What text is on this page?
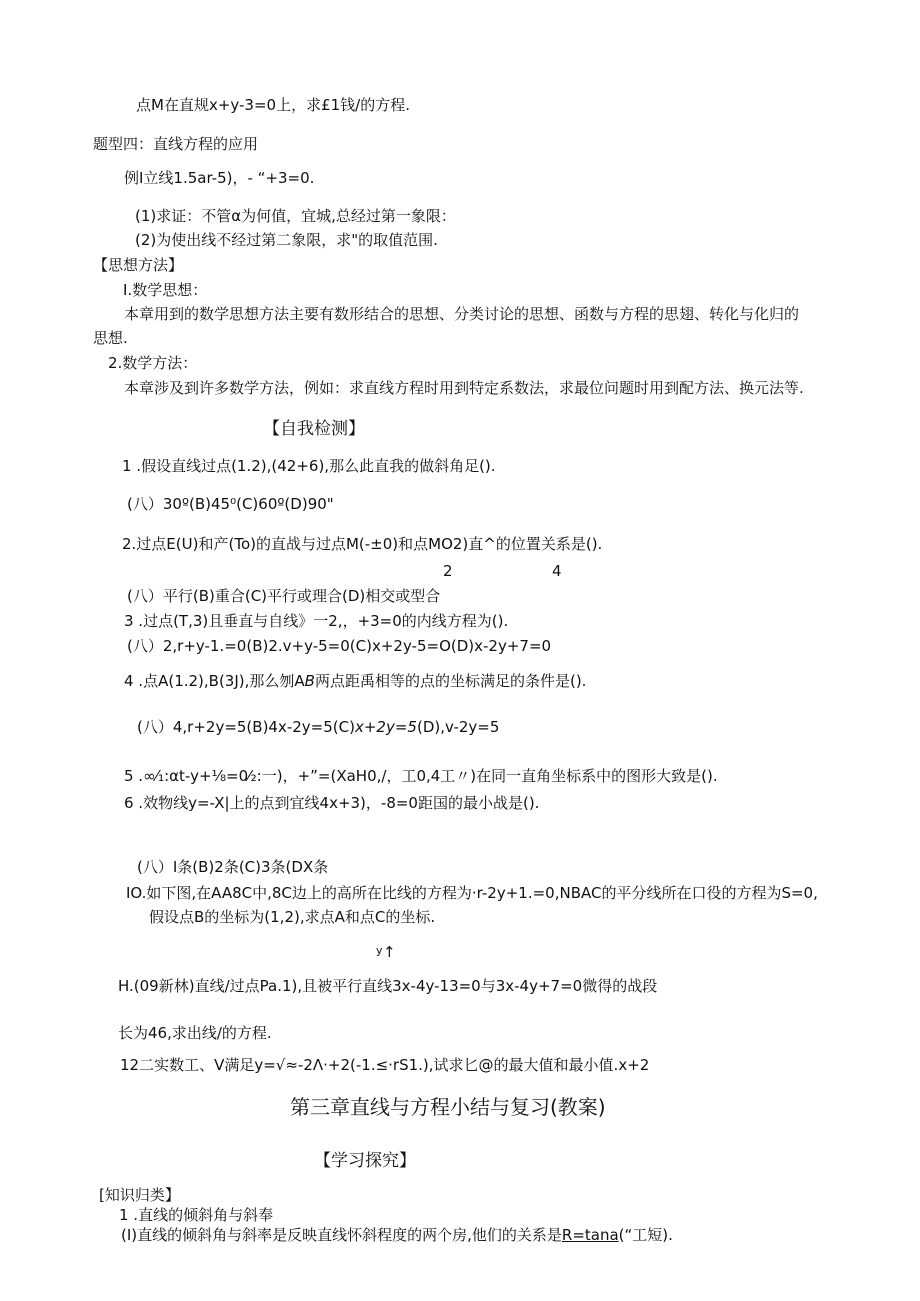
点M在直规x+y-3=0上，求£1钱/的方程.
题型四：直线方程的应用
例I立线1.5ar-5)，- “+3=0.
(1)求证：不管α为何值，宜城,总经过第一象限：
(2)为使出线不经过第二象限，求"的取值范围.
【思想方法】
I.数学思想：
本章用到的数学思想方法主要有数形结合的思想、分类讨论的思想、函数与方程的思翅、转化与化归的
思想.
2.数学方法：
本章涉及到许多数学方法，例如：求直线方程时用到特定系数法，求最位问题时用到配方法、换元法等.
【自我检测】
1 .假设直线过点(1.2),(42+6),那么此直我的做斜角足().
(八）30º(B)45⁰(C)60º(D)90"
2.过点E(U)和产(To)的直战与过点M(-±0)和点MO2)直^的位置关系是().
2	4
(八）平行(B)重合(C)平行或理合(D)相交或型合
3 .过点(T,3)且垂直与自线》一2,，+3=0的内线方程为().
(八）2,r+y-1.=0(B)2.v+y-5=0(C)x+2y-5=O(D)x-2y+7=0
4 .点A(1.2),B(3J),那么刎AB两点距禹相等的点的坐标满足的条件是().
(八）4,r+2y=5(B)4x-2y=5(C)x+2y=5(D),v-2y=5
5 .∞⁄₁:αt-y+⅛=0⁄₂:一)，+”=(XaH0,/，工0,4工〃)在同一直角坐标系中的图形大致是().
6 .效物线y=-X|上的点到宜线4x+3)，-8=0距国的最小战是().
(八）I条(B)2条(C)3条(DX条
IO.如下图,在AA8C中,8C边上的高所在比线的方程为·r-2y+1.=0,NBAC的平分线所在口役的方程为S=0,
假设点B的坐标为(1,2),求点A和点C的坐标.
y ↑
H.(09新林)直线/过点Pa.1),且被平行直线3x-4y-13=0与3x-4y+7=0微得的战段
长为46,求出线/的方程.
12二实数工、V满足y=√≈-2Λ·+2(-1.≤·rS1.),试求匕@的最大值和最小值.x+2
第三章直线与方程小结与复习(教案)
【学习探究】
[知识归类】
1 .直线的倾斜角与斜奉
(I)直线的倾斜角与斜率是反映直线怀斜程度的两个房,他们的关系是R=tana(“工短).
